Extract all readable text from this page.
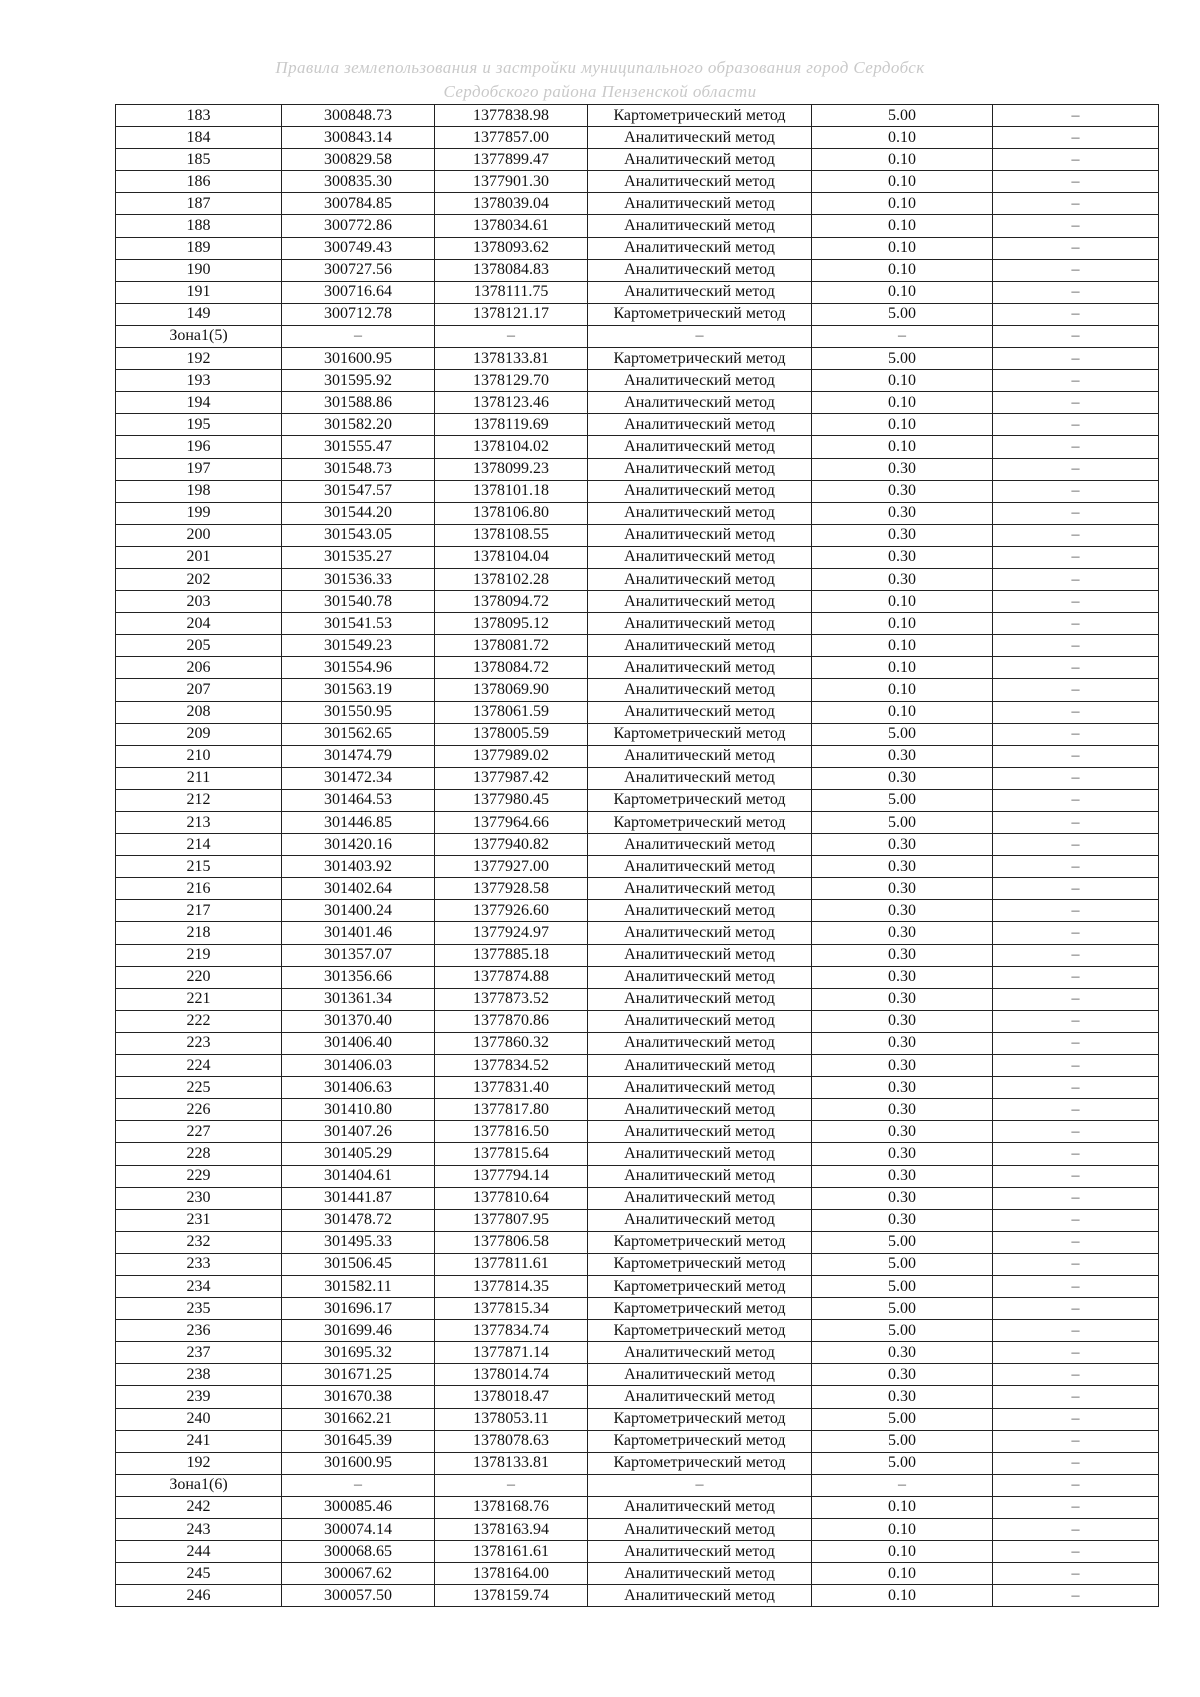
Правила землепользования и застройки муниципального образования город Сердобск
Сердобского района Пензенской области
183	300848.73	1377838.98	Картометрический метод	5.00	–
184	300843.14	1377857.00	Аналитический метод	0.10	–
185	300829.58	1377899.47	Аналитический метод	0.10	–
186	300835.30	1377901.30	Аналитический метод	0.10	–
187	300784.85	1378039.04	Аналитический метод	0.10	–
188	300772.86	1378034.61	Аналитический метод	0.10	–
189	300749.43	1378093.62	Аналитический метод	0.10	–
190	300727.56	1378084.83	Аналитический метод	0.10	–
191	300716.64	1378111.75	Аналитический метод	0.10	–
149	300712.78	1378121.17	Картометрический метод	5.00	–
Зона1(5)	–	–	–	–	–
192	301600.95	1378133.81	Картометрический метод	5.00	–
193	301595.92	1378129.70	Аналитический метод	0.10	–
194	301588.86	1378123.46	Аналитический метод	0.10	–
195	301582.20	1378119.69	Аналитический метод	0.10	–
196	301555.47	1378104.02	Аналитический метод	0.10	–
197	301548.73	1378099.23	Аналитический метод	0.30	–
198	301547.57	1378101.18	Аналитический метод	0.30	–
199	301544.20	1378106.80	Аналитический метод	0.30	–
200	301543.05	1378108.55	Аналитический метод	0.30	–
201	301535.27	1378104.04	Аналитический метод	0.30	–
202	301536.33	1378102.28	Аналитический метод	0.30	–
203	301540.78	1378094.72	Аналитический метод	0.10	–
204	301541.53	1378095.12	Аналитический метод	0.10	–
205	301549.23	1378081.72	Аналитический метод	0.10	–
206	301554.96	1378084.72	Аналитический метод	0.10	–
207	301563.19	1378069.90	Аналитический метод	0.10	–
208	301550.95	1378061.59	Аналитический метод	0.10	–
209	301562.65	1378005.59	Картометрический метод	5.00	–
210	301474.79	1377989.02	Аналитический метод	0.30	–
211	301472.34	1377987.42	Аналитический метод	0.30	–
212	301464.53	1377980.45	Картометрический метод	5.00	–
213	301446.85	1377964.66	Картометрический метод	5.00	–
214	301420.16	1377940.82	Аналитический метод	0.30	–
215	301403.92	1377927.00	Аналитический метод	0.30	–
216	301402.64	1377928.58	Аналитический метод	0.30	–
217	301400.24	1377926.60	Аналитический метод	0.30	–
218	301401.46	1377924.97	Аналитический метод	0.30	–
219	301357.07	1377885.18	Аналитический метод	0.30	–
220	301356.66	1377874.88	Аналитический метод	0.30	–
221	301361.34	1377873.52	Аналитический метод	0.30	–
222	301370.40	1377870.86	Аналитический метод	0.30	–
223	301406.40	1377860.32	Аналитический метод	0.30	–
224	301406.03	1377834.52	Аналитический метод	0.30	–
225	301406.63	1377831.40	Аналитический метод	0.30	–
226	301410.80	1377817.80	Аналитический метод	0.30	–
227	301407.26	1377816.50	Аналитический метод	0.30	–
228	301405.29	1377815.64	Аналитический метод	0.30	–
229	301404.61	1377794.14	Аналитический метод	0.30	–
230	301441.87	1377810.64	Аналитический метод	0.30	–
231	301478.72	1377807.95	Аналитический метод	0.30	–
232	301495.33	1377806.58	Картометрический метод	5.00	–
233	301506.45	1377811.61	Картометрический метод	5.00	–
234	301582.11	1377814.35	Картометрический метод	5.00	–
235	301696.17	1377815.34	Картометрический метод	5.00	–
236	301699.46	1377834.74	Картометрический метод	5.00	–
237	301695.32	1377871.14	Аналитический метод	0.30	–
238	301671.25	1378014.74	Аналитический метод	0.30	–
239	301670.38	1378018.47	Аналитический метод	0.30	–
240	301662.21	1378053.11	Картометрический метод	5.00	–
241	301645.39	1378078.63	Картометрический метод	5.00	–
192	301600.95	1378133.81	Картометрический метод	5.00	–
Зона1(6)	–	–	–	–	–
242	300085.46	1378168.76	Аналитический метод	0.10	–
243	300074.14	1378163.94	Аналитический метод	0.10	–
244	300068.65	1378161.61	Аналитический метод	0.10	–
245	300067.62	1378164.00	Аналитический метод	0.10	–
246	300057.50	1378159.74	Аналитический метод	0.10	–
